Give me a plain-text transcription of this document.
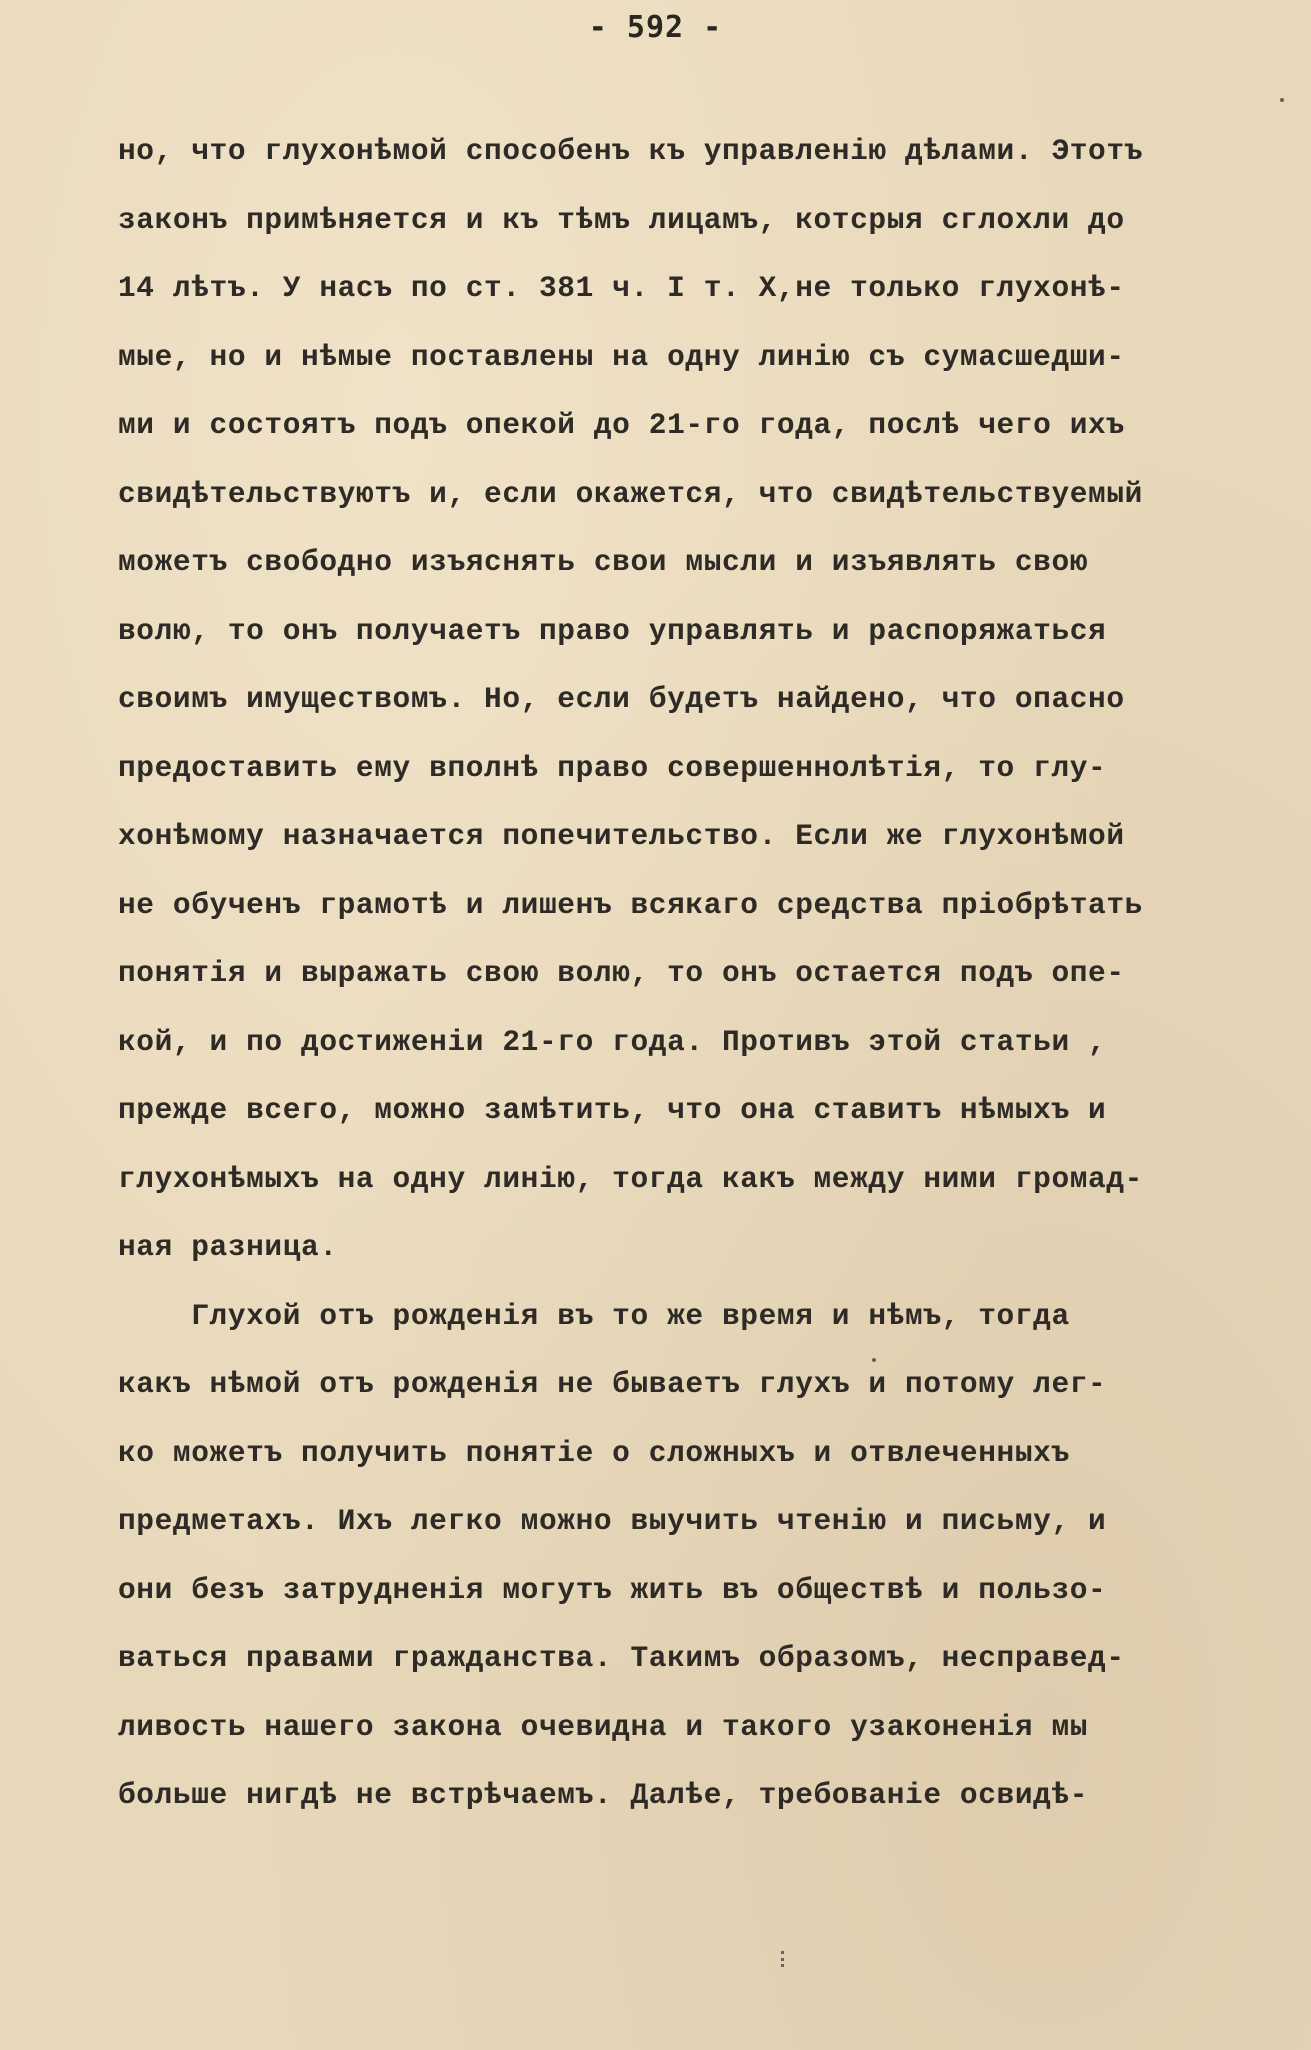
- 592 -
но, что глухонѣмой способенъ къ управленію дѣлами. Этотъ
законъ примѣняется и къ тѣмъ лицамъ, котсрыя сглохли до
14 лѣтъ. У насъ по ст. 381 ч. I т. Х,не только глухонѣ-
мые, но и нѣмые поставлены на одну линію съ сумасшедши-
ми и состоятъ подъ опекой до 21-го года, послѣ чего ихъ
свидѣтельствуютъ и, если окажется, что свидѣтельствуемый
можетъ свободно изъяснять свои мысли и изъявлять свою
волю, то онъ получаетъ право управлять и распоряжаться
своимъ имуществомъ. Но, если будетъ найдено, что опасно
предоставить ему вполнѣ право совершеннолѣтія, то глу-
хонѣмому назначается попечительство. Если же глухонѣмой
не обученъ грамотѣ и лишенъ всякаго средства пріобрѣтать
понятія и выражать свою волю, то онъ остается подъ опе-
кой, и по достиженіи 21-го года. Противъ этой статьи ,
прежде всего, можно замѣтить, что она ставитъ нѣмыхъ и
глухонѣмыхъ на одну линію, тогда какъ между ними громад-
ная разница.
Глухой отъ рожденія въ то же время и нѣмъ, тогда
какъ нѣмой отъ рожденія не бываетъ глухъ и потому лег-
ко можетъ получить понятіе о сложныхъ и отвлеченныхъ
предметахъ. Ихъ легко можно выучить чтенію и письму, и
они безъ затрудненія могутъ жить въ обществѣ и пользо-
ваться правами гражданства. Такимъ образомъ, несправед-
ливость нашего закона очевидна и такого узаконенія мы
больше нигдѣ не встрѣчаемъ. Далѣе, требованіе освидѣ-
